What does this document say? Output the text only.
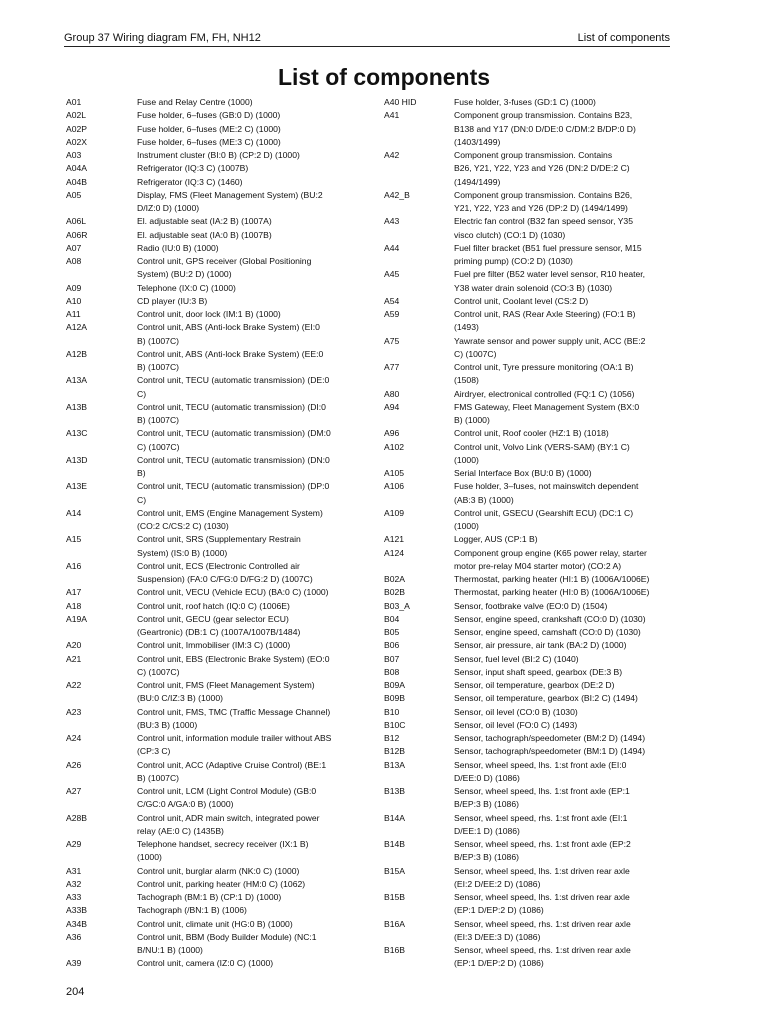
Group 37 Wiring diagram FM, FH, NH12	List of components
List of components
A01	Fuse and Relay Centre (1000)
A02L	Fuse holder, 6–fuses (GB:0 D) (1000)
A02P	Fuse holder, 6–fuses (ME:2 C) (1000)
A02X	Fuse holder, 6–fuses (ME:3 C) (1000)
A03	Instrument cluster (BI:0 B) (CP:2 D) (1000)
A04A	Refrigerator (IQ:3 C) (1007B)
A04B	Refrigerator (IQ:3 C) (1460)
A05	Display, FMS (Fleet Management System) (BU:2
D/IZ:0 D) (1000)
A06L	El. adjustable seat (IA:2 B) (1007A)
A06R	El. adjustable seat (IA:0 B) (1007B)
A07	Radio (IU:0 B) (1000)
A08	Control unit, GPS receiver (Global Positioning
System) (BU:2 D) (1000)
A09	Telephone (IX:0 C) (1000)
A10	CD player (IU:3 B)
A11	Control unit, door lock (IM:1 B) (1000)
A12A	Control unit, ABS (Anti-lock Brake System) (EI:0
B) (1007C)
A12B	Control unit, ABS (Anti-lock Brake System) (EE:0
B) (1007C)
A13A	Control unit, TECU (automatic transmission) (DE:0
C)
A13B	Control unit, TECU (automatic transmission) (DI:0
B) (1007C)
A13C	Control unit, TECU (automatic transmission) (DM:0
C) (1007C)
A13D	Control unit, TECU (automatic transmission) (DN:0
B)
A13E	Control unit, TECU (automatic transmission) (DP:0
C)
A14	Control unit, EMS (Engine Management System)
(CO:2 C/CS:2 C) (1030)
A15	Control unit, SRS (Supplementary Restrain
System) (IS:0 B) (1000)
A16	Control unit, ECS (Electronic Controlled air
Suspension) (FA:0 C/FG:0 D/FG:2 D) (1007C)
A17	Control unit, VECU (Vehicle ECU) (BA:0 C) (1000)
A18	Control unit, roof hatch (IQ:0 C) (1006E)
A19A	Control unit, GECU (gear selector ECU)
(Geartronic) (DB:1 C) (1007A/1007B/1484)
A20	Control unit, Immobiliser (IM:3 C) (1000)
A21	Control unit, EBS (Electronic Brake System) (EO:0
C) (1007C)
A22	Control unit, FMS (Fleet Management System)
(BU:0 C/IZ:3 B) (1000)
A23	Control unit, FMS, TMC (Traffic Message Channel)
(BU:3 B) (1000)
A24	Control unit, information module trailer without ABS
(CP:3 C)
A26	Control unit, ACC (Adaptive Cruise Control) (BE:1
B) (1007C)
A27	Control unit, LCM (Light Control Module) (GB:0
C/GC:0 A/GA:0 B) (1000)
A28B	Control unit, ADR main switch, integrated power
relay (AE:0 C) (1435B)
A29	Telephone handset, secrecy receiver (IX:1 B)
(1000)
A31	Control unit, burglar alarm (NK:0 C) (1000)
A32	Control unit, parking heater (HM:0 C) (1062)
A33	Tachograph (BM:1 B) (CP:1 D) (1000)
A33B	Tachograph (/BN:1 B) (1006)
A34B	Control unit, climate unit (HG:0 B) (1000)
A36	Control unit, BBM (Body Builder Module) (NC:1
B/NU:1 B) (1000)
A39	Control unit, camera (IZ:0 C) (1000)
A40 HID	Fuse holder, 3-fuses (GD:1 C) (1000)
A41	Component group transmission. Contains B23,
B138 and Y17 (DN:0 D/DE:0 C/DM:2 B/DP:0 D)
(1403/1499)
A42	Component group transmission. Contains
B26, Y21, Y22, Y23 and Y26 (DN:2 D/DE:2 C)
(1494/1499)
A42_B	Component group transmission. Contains B26,
Y21, Y22, Y23 and Y26 (DP:2 D) (1494/1499)
A43	Electric fan control (B32 fan speed sensor, Y35
visco clutch) (CO:1 D) (1030)
A44	Fuel filter bracket (B51 fuel pressure sensor, M15
priming pump) (CO:2 D) (1030)
A45	Fuel pre filter (B52 water level sensor, R10 heater,
Y38 water drain solenoid (CO:3 B) (1030)
A54	Control unit, Coolant level (CS:2 D)
A59	Control unit, RAS (Rear Axle Steering) (FO:1 B)
(1493)
A75	Yawrate sensor and power supply unit, ACC (BE:2
C) (1007C)
A77	Control unit, Tyre pressure monitoring (OA:1 B)
(1508)
A80	Airdryer, electronical controlled (FQ:1 C) (1056)
A94	FMS Gateway, Fleet Management System (BX:0
B) (1000)
A96	Control unit, Roof cooler (HZ:1 B) (1018)
A102	Control unit, Volvo Link (VERS-SAM) (BY:1 C)
(1000)
A105	Serial Interface Box (BU:0 B) (1000)
A106	Fuse holder, 3–fuses, not mainswitch dependent
(AB:3 B) (1000)
A109	Control unit, GSECU (Gearshift ECU) (DC:1 C)
(1000)
A121	Logger, AUS (CP:1 B)
A124	Component group engine (K65 power relay, starter
motor pre-relay M04 starter motor) (CO:2 A)
B02A	Thermostat, parking heater (HI:1 B) (1006A/1006E)
B02B	Thermostat, parking heater (HI:0 B) (1006A/1006E)
B03_A	Sensor, footbrake valve (EO:0 D) (1504)
B04	Sensor, engine speed, crankshaft (CO:0 D) (1030)
B05	Sensor, engine speed, camshaft (CO:0 D) (1030)
B06	Sensor, air pressure, air tank (BA:2 D) (1000)
B07	Sensor, fuel level (BI:2 C) (1040)
B08	Sensor, input shaft speed, gearbox (DE:3 B)
B09A	Sensor, oil temperature, gearbox (DE:2 D)
B09B	Sensor, oil temperature, gearbox (BI:2 C) (1494)
B10	Sensor, oil level (CO:0 B) (1030)
B10C	Sensor, oil level (FO:0 C) (1493)
B12	Sensor, tachograph/speedometer (BM:2 D) (1494)
B12B	Sensor, tachograph/speedometer (BM:1 D) (1494)
B13A	Sensor, wheel speed, lhs. 1:st front axle (EI:0
D/EE:0 D) (1086)
B13B	Sensor, wheel speed, lhs. 1:st front axle (EP:1
B/EP:3 B) (1086)
B14A	Sensor, wheel speed, rhs. 1:st front axle (EI:1
D/EE:1 D) (1086)
B14B	Sensor, wheel speed, rhs. 1:st front axle (EP:2
B/EP:3 B) (1086)
B15A	Sensor, wheel speed, lhs. 1:st driven rear axle
(EI:2 D/EE:2 D) (1086)
B15B	Sensor, wheel speed, lhs. 1:st driven rear axle
(EP:1 D/EP:2 D) (1086)
B16A	Sensor, wheel speed, rhs. 1:st driven rear axle
(EI:3 D/EE:3 D) (1086)
B16B	Sensor, wheel speed, rhs. 1:st driven rear axle
(EP:1 D/EP:2 D) (1086)
204
